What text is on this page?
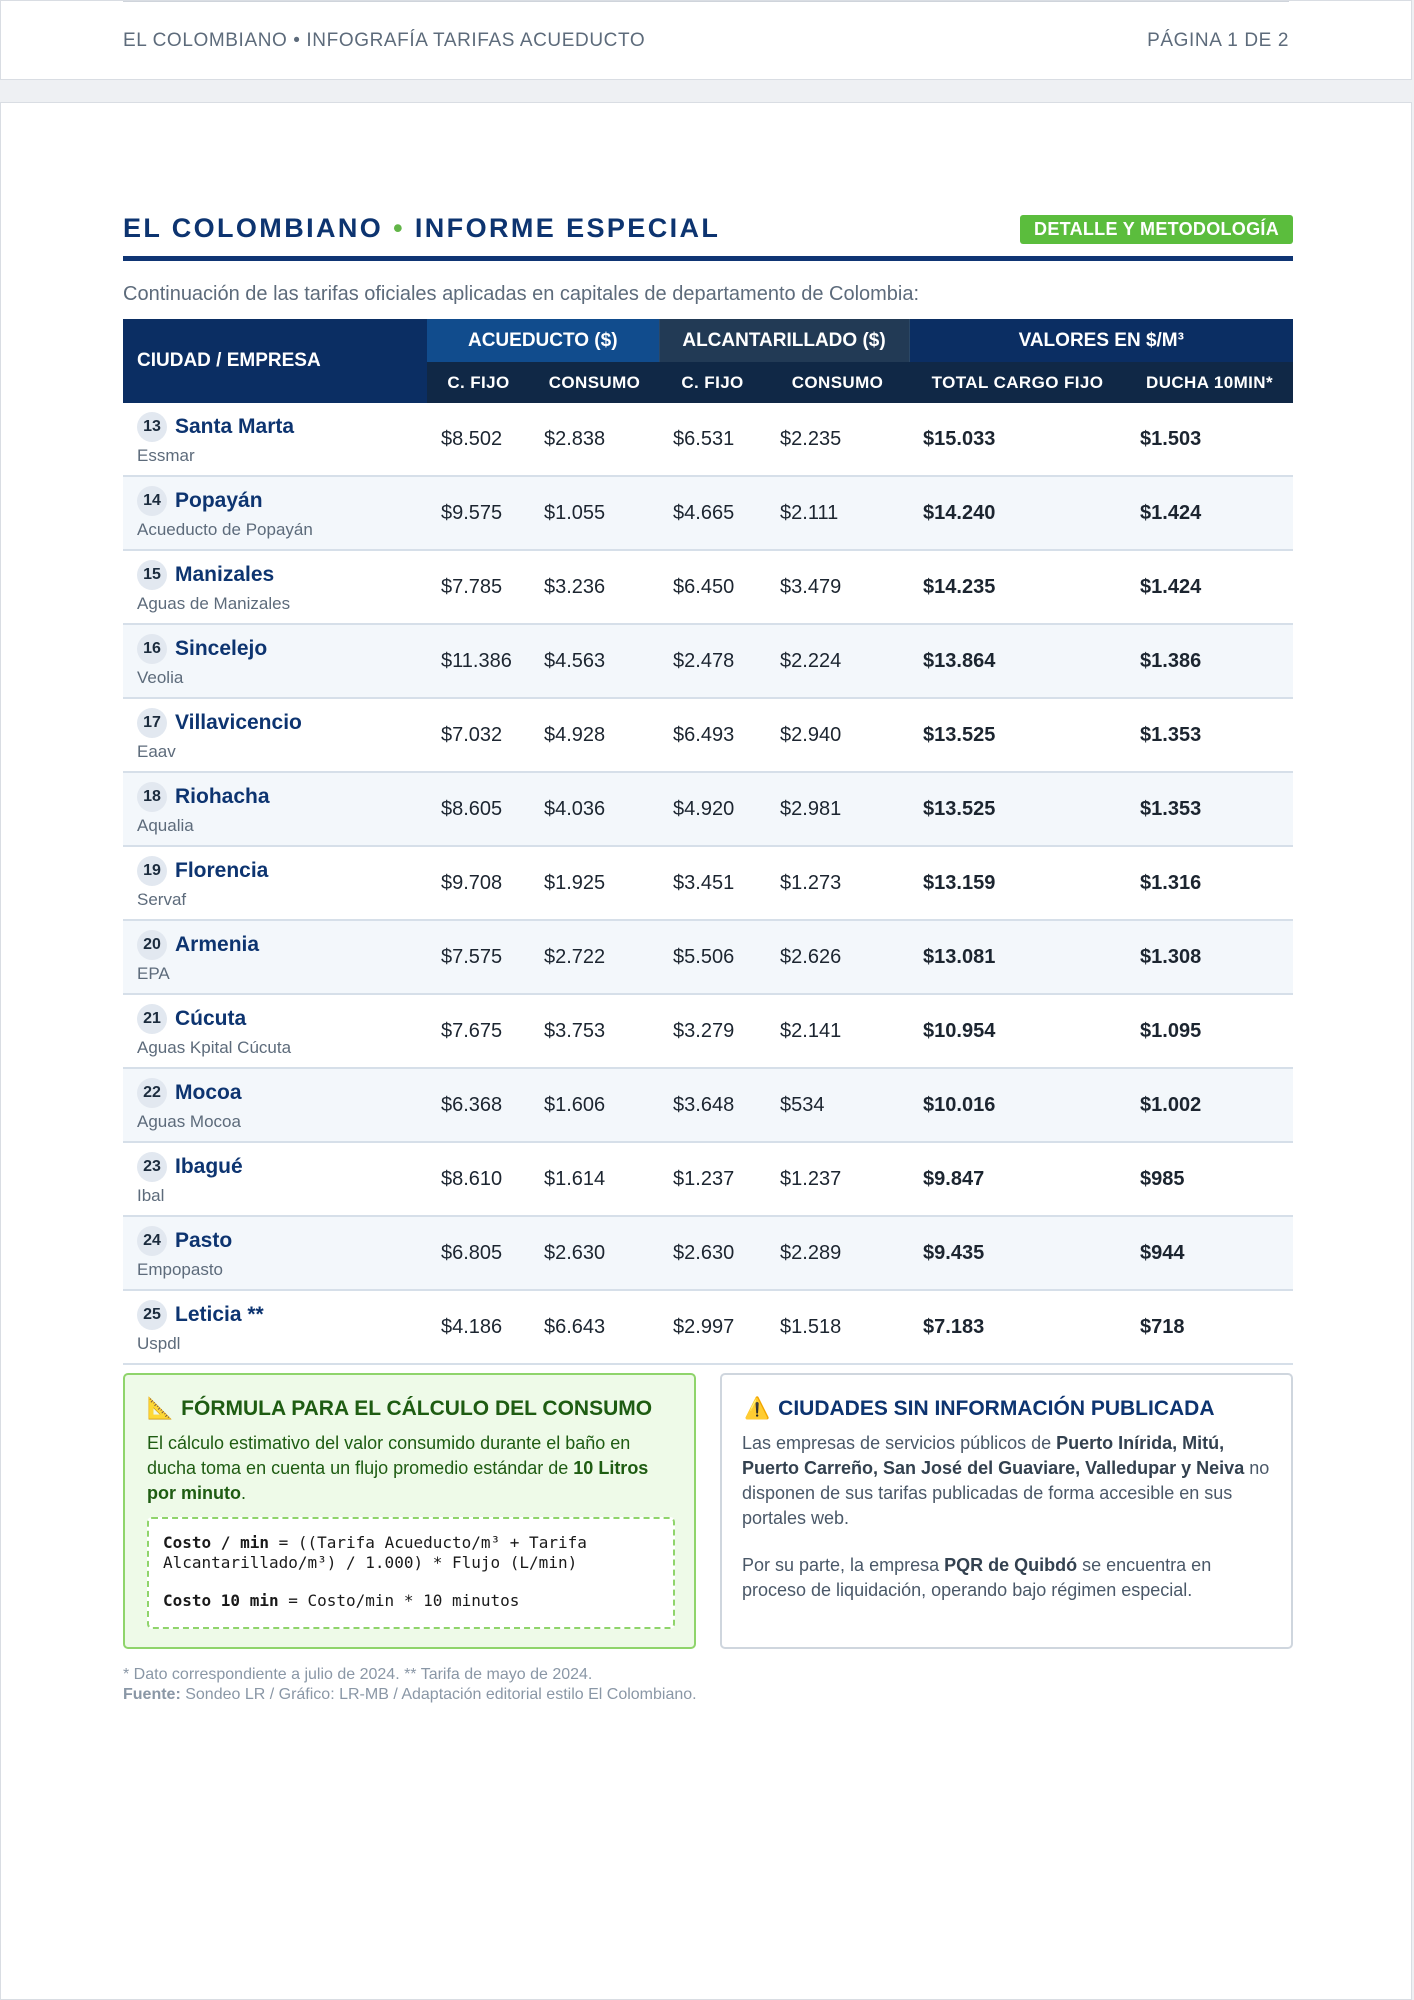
EL COLOMBIANO • INFOGRAFÍA TARIFAS ACUEDUCTO	PÁGINA 1 DE 2
EL COLOMBIANO • INFORME ESPECIAL	DETALLE Y METODOLOGÍA
Continuación de las tarifas oficiales aplicadas en capitales de departamento de Colombia:
CIUDAD / EMPRESA	ACUEDUCTO ($)		ALCANTARILLADO ($)		VALORES EN $/M³	
	C. FIJO	CONSUMO	C. FIJO	CONSUMO	TOTAL CARGO FIJO	DUCHA 10MIN*

13 Santa Marta
Essmar	$8.502	$2.838	$6.531	$2.235	$15.033	$1.503

14 Popayán
Acueducto de Popayán	$9.575	$1.055	$4.665	$2.111	$14.240	$1.424

15 Manizales
Aguas de Manizales	$7.785	$3.236	$6.450	$3.479	$14.235	$1.424

16 Sincelejo
Veolia	$11.386	$4.563	$2.478	$2.224	$13.864	$1.386

17 Villavicencio
Eaav	$7.032	$4.928	$6.493	$2.940	$13.525	$1.353

18 Riohacha
Aqualia	$8.605	$4.036	$4.920	$2.981	$13.525	$1.353

19 Florencia
Servaf	$9.708	$1.925	$3.451	$1.273	$13.159	$1.316

20 Armenia
EPA	$7.575	$2.722	$5.506	$2.626	$13.081	$1.308

21 Cúcuta
Aguas Kpital Cúcuta	$7.675	$3.753	$3.279	$2.141	$10.954	$1.095

22 Mocoa
Aguas Mocoa	$6.368	$1.606	$3.648	$534	$10.016	$1.002

23 Ibagué
Ibal	$8.610	$1.614	$1.237	$1.237	$9.847	$985

24 Pasto
Empopasto	$6.805	$2.630	$2.630	$2.289	$9.435	$944

25 Leticia **
Uspdl	$4.186	$6.643	$2.997	$1.518	$7.183	$718
📐 FÓRMULA PARA EL CÁLCULO DEL CONSUMO
El cálculo estimativo del valor consumido durante el baño en ducha toma en cuenta un flujo promedio estándar de 10 Litros por minuto.
Costo / min = ((Tarifa Acueducto/m³ + Tarifa Alcantarillado/m³) / 1.000) * Flujo (L/min)
Costo 10 min = Costo/min * 10 minutos
⚠️ CIUDADES SIN INFORMACIÓN PUBLICADA
Las empresas de servicios públicos de Puerto Inírida, Mitú, Puerto Carreño, San José del Guaviare, Valledupar y Neiva no disponen de sus tarifas publicadas de forma accesible en sus portales web.
Por su parte, la empresa PQR de Quibdó se encuentra en proceso de liquidación, operando bajo régimen especial.
* Dato correspondiente a julio de 2024. ** Tarifa de mayo de 2024.
Fuente: Sondeo LR / Gráfico: LR-MB / Adaptación editorial estilo El Colombiano.
